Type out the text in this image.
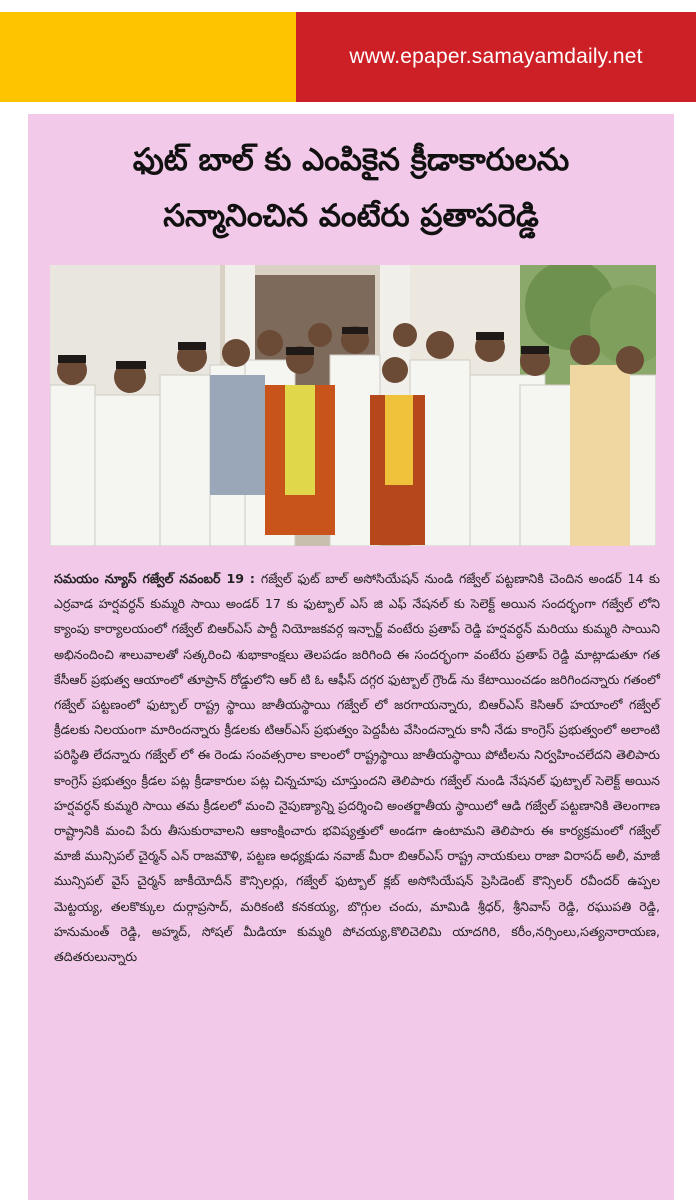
www.epaper.samayamdaily.net
ఫుట్ బాల్ కు ఎంపికైన క్రీడాకారులను
సన్మానించిన వంటేరు ప్రతాపరెడ్డి
సమయం న్యూస్ గజ్వేల్ నవంబర్ 19 : గజ్వేల్ ఫుట్ బాల్ అసోసియేషన్ నుండి గజ్వేల్ పట్టణానికి చెందిన అండర్ 14 కు ఎర్రవాడ హర్షవర్ధన్ కుమ్మరి సాయి అండర్ 17 కు ఫుట్బాల్ ఎస్ జి ఎఫ్ నేషనల్ కు సెలెక్ట్ అయిన సందర్భంగా గజ్వేల్ లోని క్యాంపు కార్యాలయంలో గజ్వేల్ బిఆర్ఎస్ పార్టీ నియోజకవర్గ ఇన్చార్జ్ వంటేరు ప్రతాప్ రెడ్డి హర్షవర్ధన్ మరియు కుమ్మరి సాయిని అభినందించి శాలువాలతో సత్కరించి శుభాకాంక్షలు తెలపడం జరిగింది ఈ సందర్భంగా వంటేరు ప్రతాప్ రెడ్డి మాట్లాడుతూ గత కేసీఆర్ ప్రభుత్వ ఆయాంలో తూప్రాన్ రోడ్డులోని ఆర్ టి ఓ ఆఫీస్ దగ్గర ఫుట్బాల్ గ్రౌండ్ ను కేటాయించడం జరిగిందన్నారు గతంలో గజ్వేల్ పట్టణంలో ఫుట్బాల్ రాష్ట్ర స్థాయి జాతీయస్థాయి గజ్వేల్ లో జరగాయన్నారు, బిఆర్ఎస్ కెసిఆర్ హయాంలో గజ్వేల్ క్రీడలకు నిలయంగా మారిందన్నారు క్రీడలకు టిఆర్ఎస్ ప్రభుత్వం పెద్దపీట వేసిందన్నారు కానీ నేడు కాంగ్రెస్ ప్రభుత్వంలో అలాంటి పరిస్థితి లేదన్నారు గజ్వేల్ లో ఈ రెండు సంవత్సరాల కాలంలో రాష్ట్రస్థాయి జాతీయస్థాయి పోటీలను నిర్వహించలేదని తెలిపారు కాంగ్రెస్ ప్రభుత్వం క్రీడల పట్ల క్రీడాకారుల పట్ల చిన్నచూపు చూస్తుందని తెలిపారు గజ్వేల్ నుండి నేషనల్ ఫుట్బాల్ సెలెక్ట్ అయిన హర్షవర్ధన్ కుమ్మరి సాయి తమ క్రీడలలో మంచి నైపుణ్యాన్ని ప్రదర్శించి అంతర్జాతీయ స్థాయిలో ఆడి గజ్వేల్ పట్టణానికి తెలంగాణ రాష్ట్రానికి మంచి పేరు తీసుకురావాలని ఆకాంక్షించారు భవిష్యత్తులో అండగా ఉంటామని తెలిపారు ఈ కార్యక్రమంలో గజ్వేల్ మాజీ మున్సిపల్ చైర్మన్ ఎన్ రాజమౌళి, పట్టణ అధ్యక్షుడు నవాజ్ మీరా బిఆర్ఎస్ రాష్ట్ర నాయకులు రాజా విరాసద్ అలీ, మాజీ మున్సిపల్ వైస్ చైర్మన్ జాకీయోదీన్ కౌన్సిలర్లు, గజ్వేల్ ఫుట్బాల్ క్లబ్ అసోసియేషన్ ప్రెసిడెంట్ కౌన్సిలర్ రవీందర్ ఉప్పల మెట్టయ్య, తలకొక్కుల దుర్గాప్రసాద్, మరికంటి కనకయ్య, బొగ్గుల చందు, మామిడి శ్రీధర్, శ్రీనివాస్ రెడ్డి, రఘుపతి రెడ్డి, హనుమంత్ రెడ్డి, అహ్మద్, సోషల్ మీడియా కుమ్మరి పోచయ్య,కొలిచెలిమి యాదగిరి, కరీం,నర్సింలు,సత్యనారాయణ, తదితరులున్నారు
